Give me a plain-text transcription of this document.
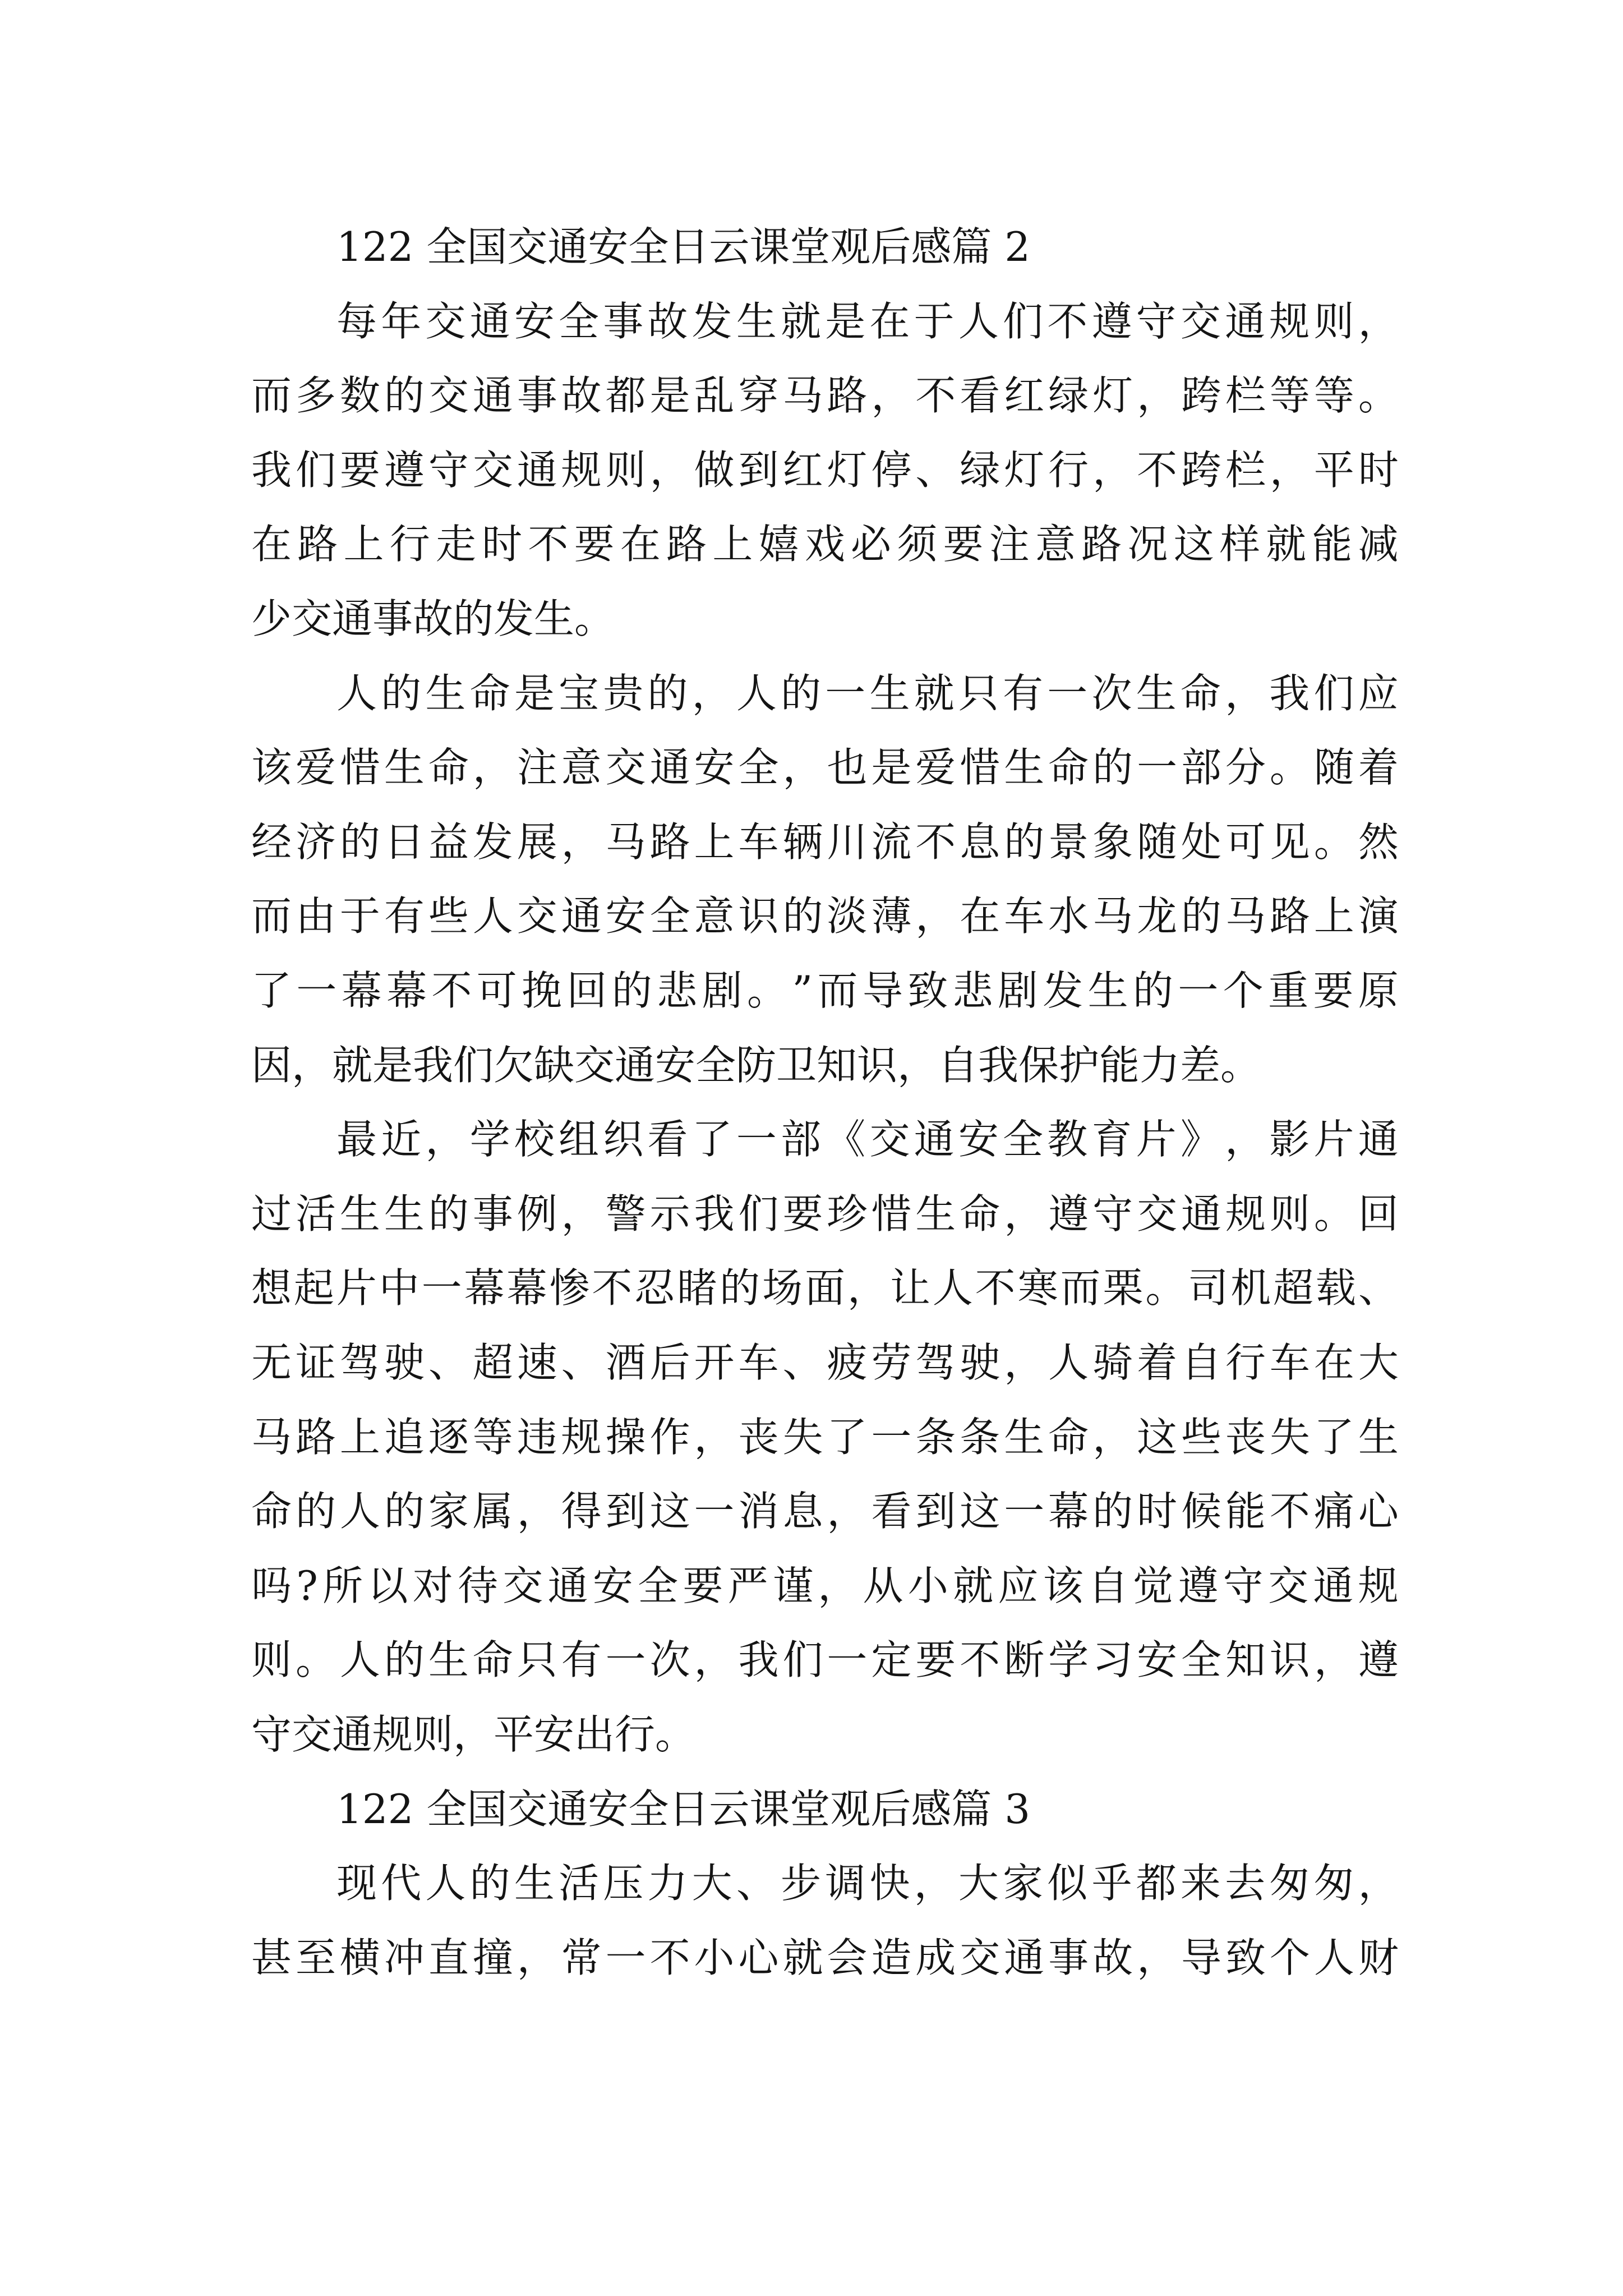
122 全国交通安全日云课堂观后感篇 2
每 年 交 通 安 全 事 故 发 生 就 是 在 于 人 们 不 遵 守 交 通 规 则 ，
而 多 数 的 交 通 事 故 都 是 乱 穿 马 路 ， 不 看 红 绿 灯 ， 跨 栏 等 等 。
我 们 要 遵 守 交 通 规 则 ， 做 到 红 灯 停 、 绿 灯 行 ， 不 跨 栏 ， 平 时
在 路 上 行 走 时 不 要 在 路 上 嬉 戏 必 须 要 注 意 路 况 这 样 就 能 减
少交通事故的发生。
人 的 生 命 是 宝 贵 的 ， 人 的 一 生 就 只 有 一 次 生 命 ， 我 们 应
该 爱 惜 生 命 ， 注 意 交 通 安 全 ， 也 是 爱 惜 生 命 的 一 部 分 。 随 着
经 济 的 日 益 发 展 ， 马 路 上 车 辆 川 流 不 息 的 景 象 随 处 可 见 。 然
而 由 于 有 些 人 交 通 安 全 意 识 的 淡 薄 ， 在 车 水 马 龙 的 马 路 上 演
了 一 幕 幕 不 可 挽 回 的 悲 剧 。 ” 而 导 致 悲 剧 发 生 的 一 个 重 要 原
因，就是我们欠缺交通安全防卫知识，自我保护能力差。
最 近 ， 学 校 组 织 看 了 一 部 《 交 通 安 全 教 育 片 》 ， 影 片 通
过 活 生 生 的 事 例 ， 警 示 我 们 要 珍 惜 生 命 ， 遵 守 交 通 规 则 。 回
想 起 片 中 一 幕 幕 惨 不 忍 睹 的 场 面 ， 让 人 不 寒 而 栗 。 司 机 超 载 、
无 证 驾 驶 、 超 速 、 酒 后 开 车 、 疲 劳 驾 驶 ， 人 骑 着 自 行 车 在 大
马 路 上 追 逐 等 违 规 操 作 ， 丧 失 了 一 条 条 生 命 ， 这 些 丧 失 了 生
命 的 人 的 家 属 ， 得 到 这 一 消 息 ， 看 到 这 一 幕 的 时 候 能 不 痛 心
吗 ? 所 以 对 待 交 通 安 全 要 严 谨 ， 从 小 就 应 该 自 觉 遵 守 交 通 规
则 。 人 的 生 命 只 有 一 次 ， 我 们 一 定 要 不 断 学 习 安 全 知 识 ， 遵
守交通规则，平安出行。
122 全国交通安全日云课堂观后感篇 3
现 代 人 的 生 活 压 力 大 、 步 调 快 ， 大 家 似 乎 都 来 去 匆 匆 ，
甚 至 横 冲 直 撞 ， 常 一 不 小 心 就 会 造 成 交 通 事 故 ， 导 致 个 人 财
